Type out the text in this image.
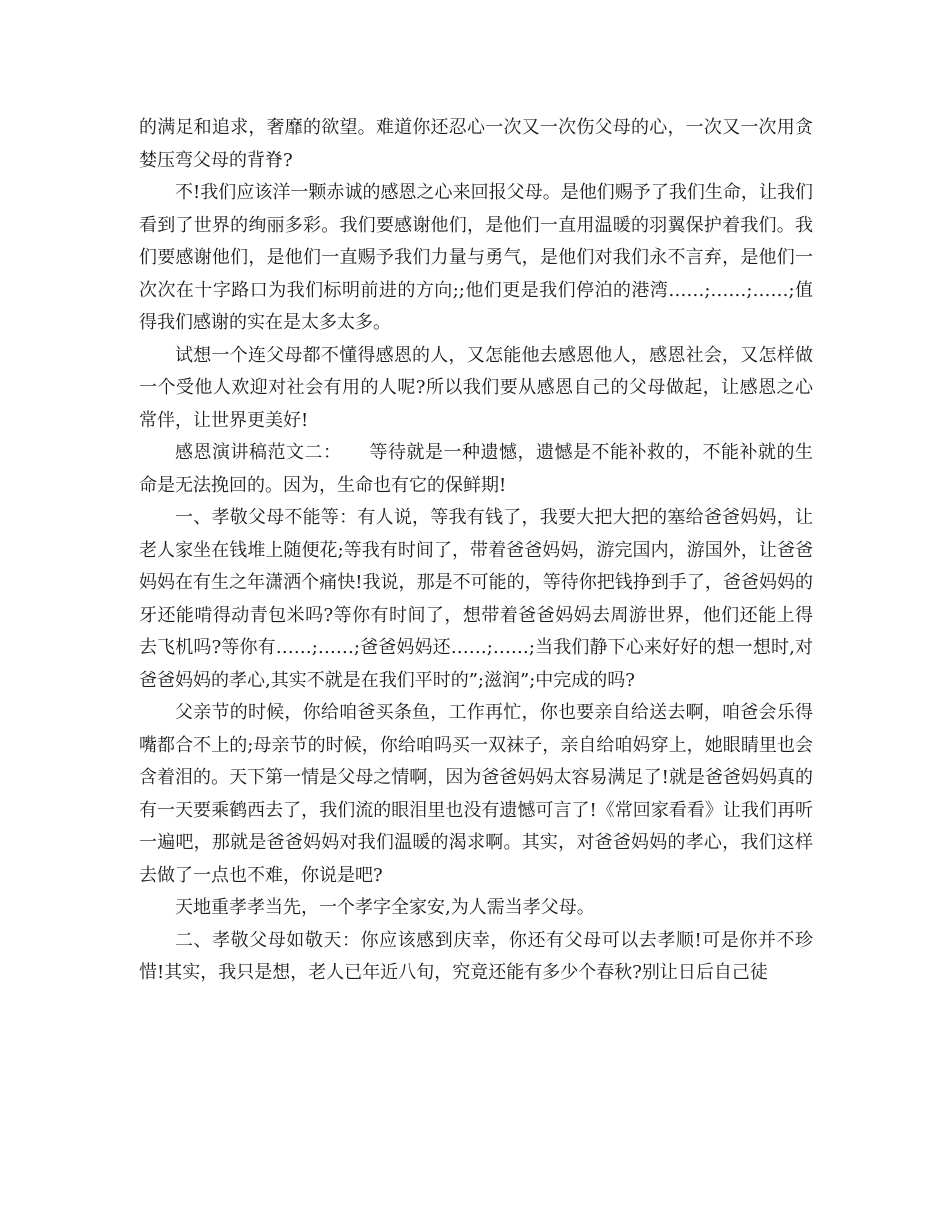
的满足和追求，奢靡的欲望。难道你还忍心一次又一次伤父母的心，一次又一次用贪婪压弯父母的背脊?

不!我们应该洋一颗赤诚的感恩之心来回报父母。是他们赐予了我们生命，让我们看到了世界的绚丽多彩。我们要感谢他们，是他们一直用温暖的羽翼保护着我们。我们要感谢他们，是他们一直赐予我们力量与勇气，是他们对我们永不言弃，是他们一次次在十字路口为我们标明前进的方向;;他们更是我们停泊的港湾……;……;……;值得我们感谢的实在是太多太多。

试想一个连父母都不懂得感恩的人，又怎能他去感恩他人，感恩社会，又怎样做一个受他人欢迎对社会有用的人呢?所以我们要从感恩自己的父母做起，让感恩之心常伴，让世界更美好!

感恩演讲稿范文二：　　等待就是一种遗憾，遗憾是不能补救的，不能补就的生命是无法挽回的。因为，生命也有它的保鲜期!

一、孝敬父母不能等：有人说，等我有钱了，我要大把大把的塞给爸爸妈妈，让老人家坐在钱堆上随便花;等我有时间了，带着爸爸妈妈，游完国内，游国外，让爸爸妈妈在有生之年潇洒个痛快!我说，那是不可能的，等待你把钱挣到手了，爸爸妈妈的牙还能啃得动青包米吗?等你有时间了，想带着爸爸妈妈去周游世界，他们还能上得去飞机吗?等你有……;……;爸爸妈妈还……;……;当我们静下心来好好的想一想时,对爸爸妈妈的孝心,其实不就是在我们平时的”;滋润”;中完成的吗?

父亲节的时候，你给咱爸买条鱼，工作再忙，你也要亲自给送去啊，咱爸会乐得嘴都合不上的;母亲节的时候，你给咱吗买一双袜子，亲自给咱妈穿上，她眼睛里也会含着泪的。天下第一情是父母之情啊，因为爸爸妈妈太容易满足了!就是爸爸妈妈真的有一天要乘鹤西去了，我们流的眼泪里也没有遗憾可言了!《常回家看看》让我们再听一遍吧，那就是爸爸妈妈对我们温暖的渴求啊。其实，对爸爸妈妈的孝心，我们这样去做了一点也不难，你说是吧?

天地重孝孝当先，一个孝字全家安,为人需当孝父母。

二、孝敬父母如敬天：你应该感到庆幸，你还有父母可以去孝顺!可是你并不珍惜!其实，我只是想，老人已年近八旬，究竟还能有多少个春秋?别让日后自己徒
